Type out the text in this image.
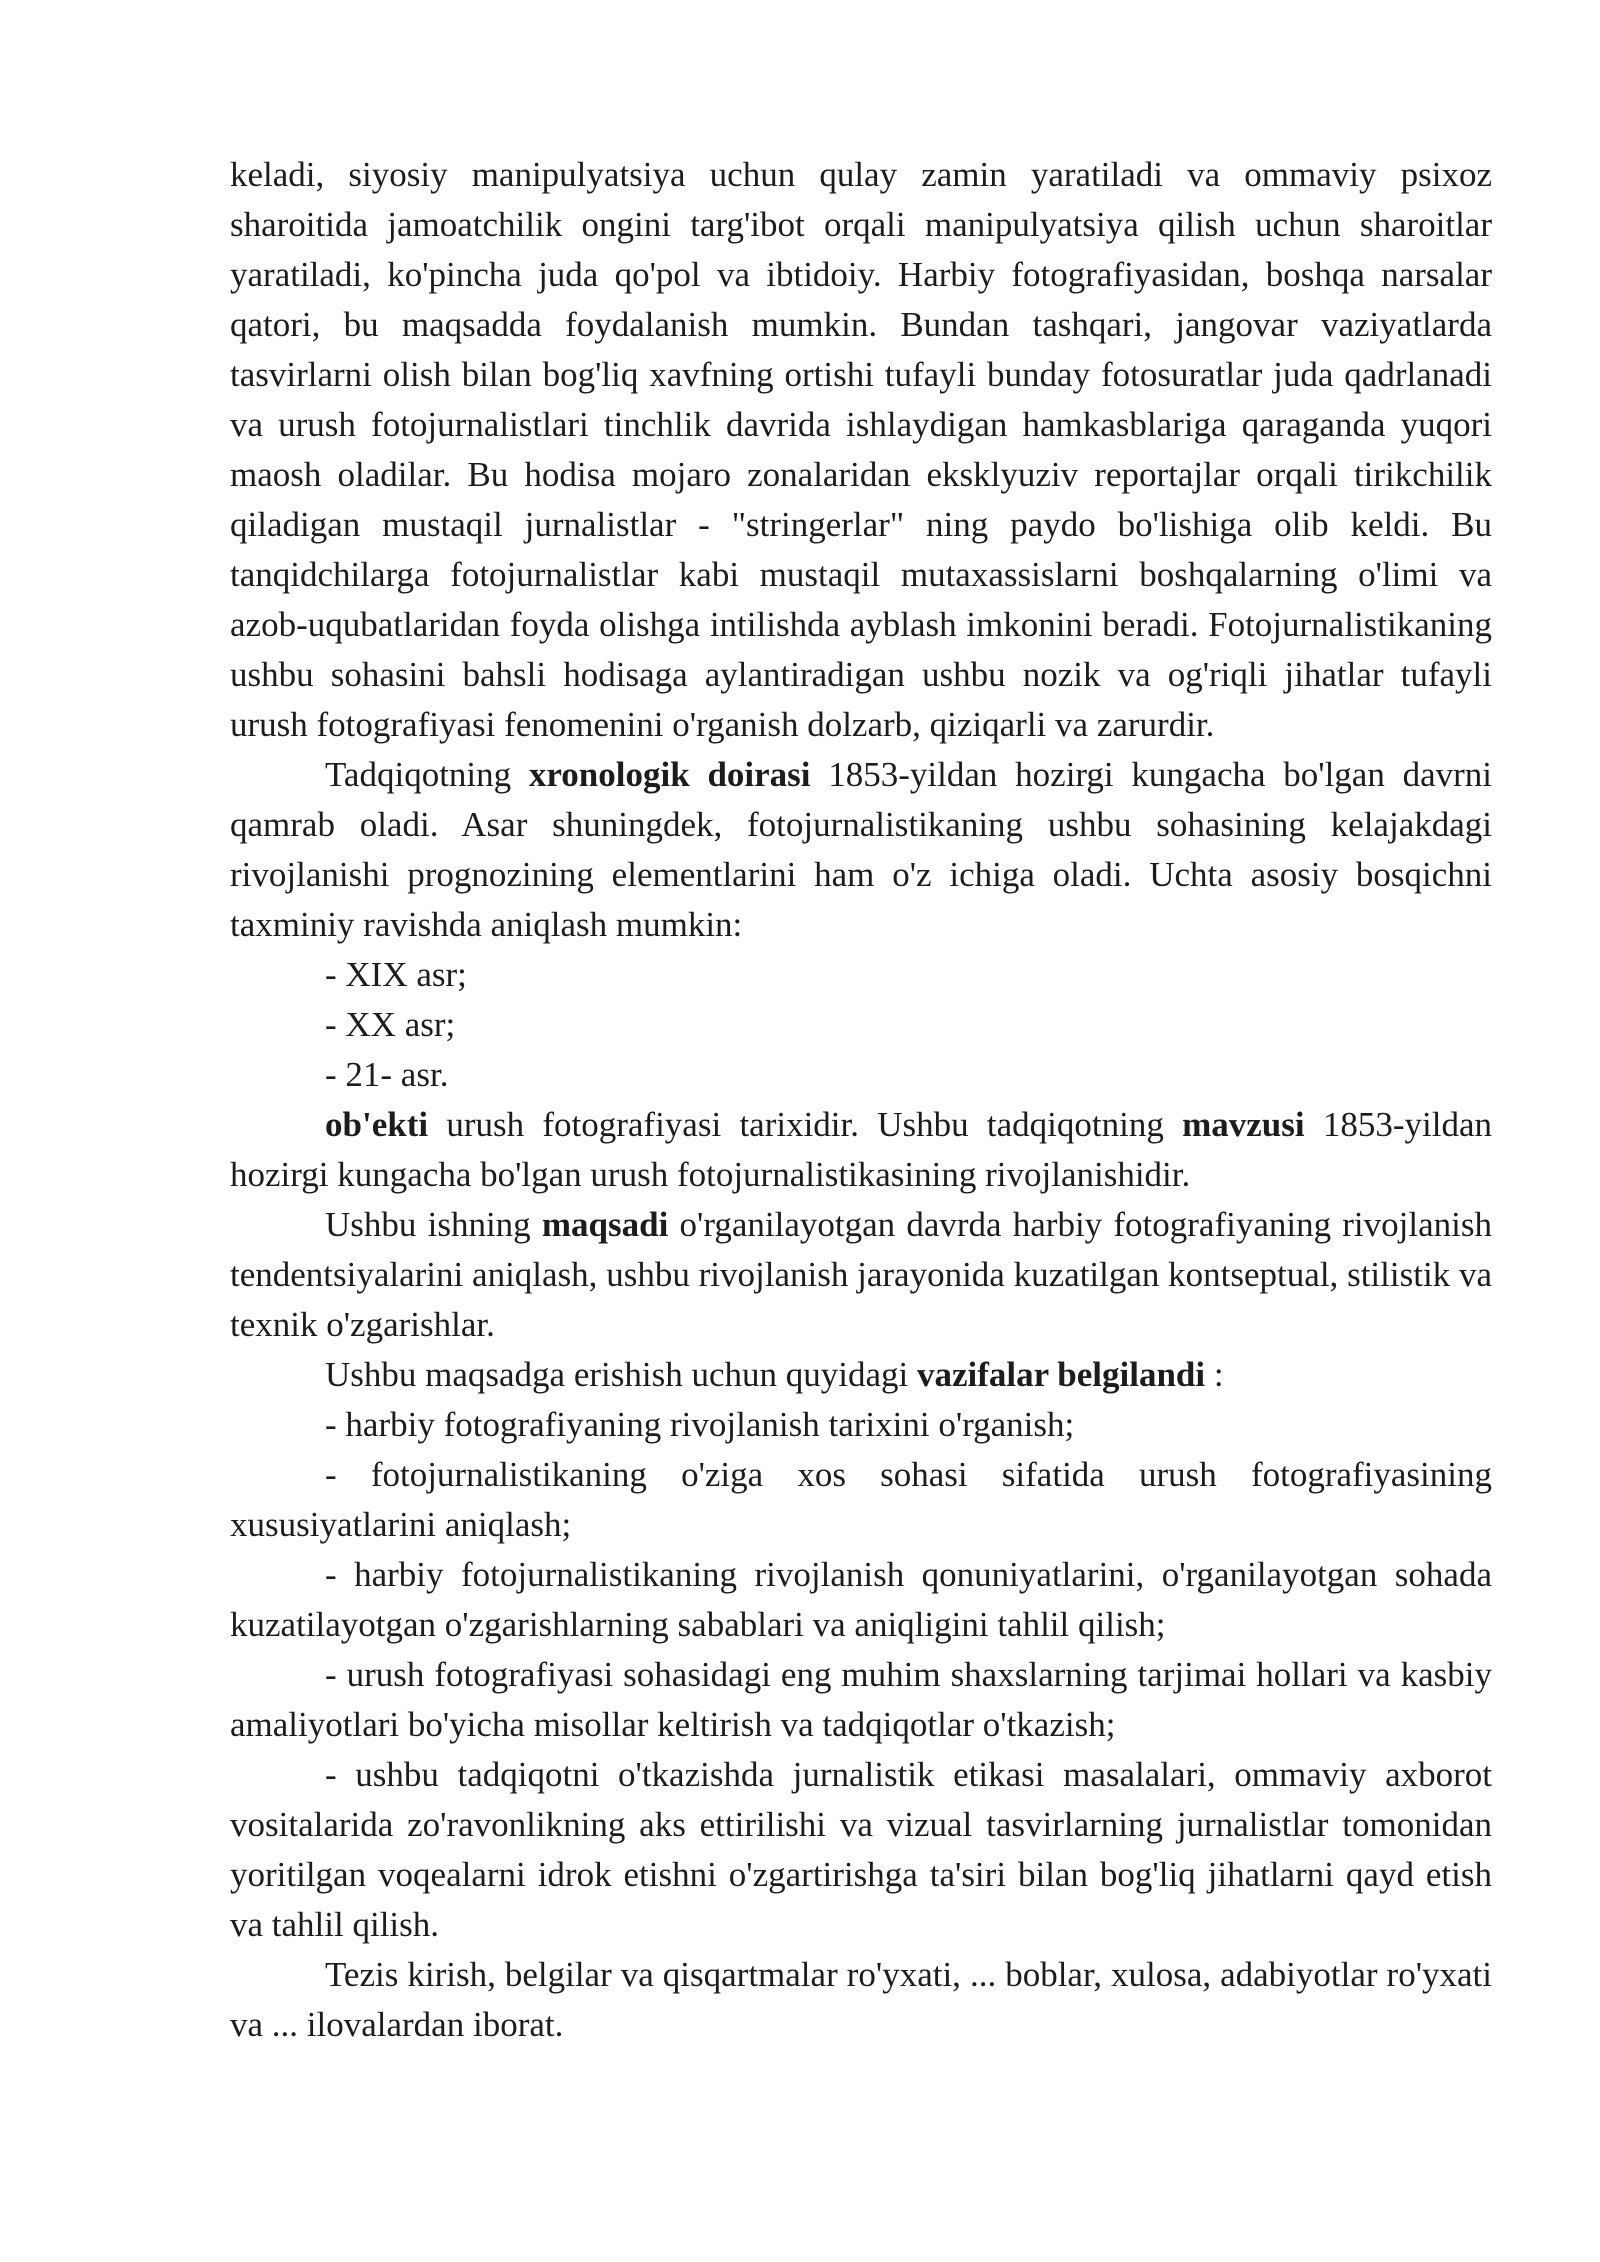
keladi, siyosiy manipulyatsiya uchun qulay zamin yaratiladi va ommaviy psixoz sharoitida jamoatchilik ongini targ'ibot orqali manipulyatsiya qilish uchun sharoitlar yaratiladi, ko'pincha juda qo'pol va ibtidoiy. Harbiy fotografiyasidan, boshqa narsalar qatori, bu maqsadda foydalanish mumkin. Bundan tashqari, jangovar vaziyatlarda tasvirlarni olish bilan bog'liq xavfning ortishi tufayli bunday fotosuratlar juda qadrlanadi va urush fotojurnalistlari tinchlik davrida ishlaydigan hamkasblariga qaraganda yuqori maosh oladilar. Bu hodisa mojaro zonalaridan eksklyuziv reportajlar orqali tirikchilik qiladigan mustaqil jurnalistlar - "stringerlar" ning paydo bo'lishiga olib keldi. Bu tanqidchilarga fotojurnalistlar kabi mustaqil mutaxassislarni boshqalarning o'limi va azob-uqubatlaridan foyda olishga intilishda ayblash imkonini beradi. Fotojurnalistikaning ushbu sohasini bahsli hodisaga aylantiradigan ushbu nozik va og'riqli jihatlar tufayli urush fotografiyasi fenomenini o'rganish dolzarb, qiziqarli va zarurdir.

Tadqiqotning xronologik doirasi 1853-yildan hozirgi kungacha bo'lgan davrni qamrab oladi. Asar shuningdek, fotojurnalistikaning ushbu sohasining kelajakdagi rivojlanishi prognozining elementlarini ham o'z ichiga oladi. Uchta asosiy bosqichni taxminiy ravishda aniqlash mumkin:

- XIX asr;

- XX asr;

- 21- asr.

ob'ekti urush fotografiyasi tarixidir. Ushbu tadqiqotning mavzusi 1853-yildan hozirgi kungacha bo'lgan urush fotojurnalistikasining rivojlanishidir.

Ushbu ishning maqsadi o'rganilayotgan davrda harbiy fotografiyaning rivojlanish tendentsiyalarini aniqlash, ushbu rivojlanish jarayonida kuzatilgan kontseptual, stilistik va texnik o'zgarishlar.

Ushbu maqsadga erishish uchun quyidagi vazifalar belgilandi :

- harbiy fotografiyaning rivojlanish tarixini o'rganish;

- fotojurnalistikaning o'ziga xos sohasi sifatida urush fotografiyasining xususiyatlarini aniqlash;

- harbiy fotojurnalistikaning rivojlanish qonuniyatlarini, o'rganilayotgan sohada kuzatilayotgan o'zgarishlarning sabablari va aniqligini tahlil qilish;

- urush fotografiyasi sohasidagi eng muhim shaxslarning tarjimai hollari va kasbiy amaliyotlari bo'yicha misollar keltirish va tadqiqotlar o'tkazish;

- ushbu tadqiqotni o'tkazishda jurnalistik etikasi masalalari, ommaviy axborot vositalarida zo'ravonlikning aks ettirilishi va vizual tasvirlarning jurnalistlar tomonidan yoritilgan voqealarni idrok etishni o'zgartirishga ta'siri bilan bog'liq jihatlarni qayd etish va tahlil qilish.

Tezis kirish, belgilar va qisqartmalar ro'yxati, ... boblar, xulosa, adabiyotlar ro'yxati va ... ilovalardan iborat.
